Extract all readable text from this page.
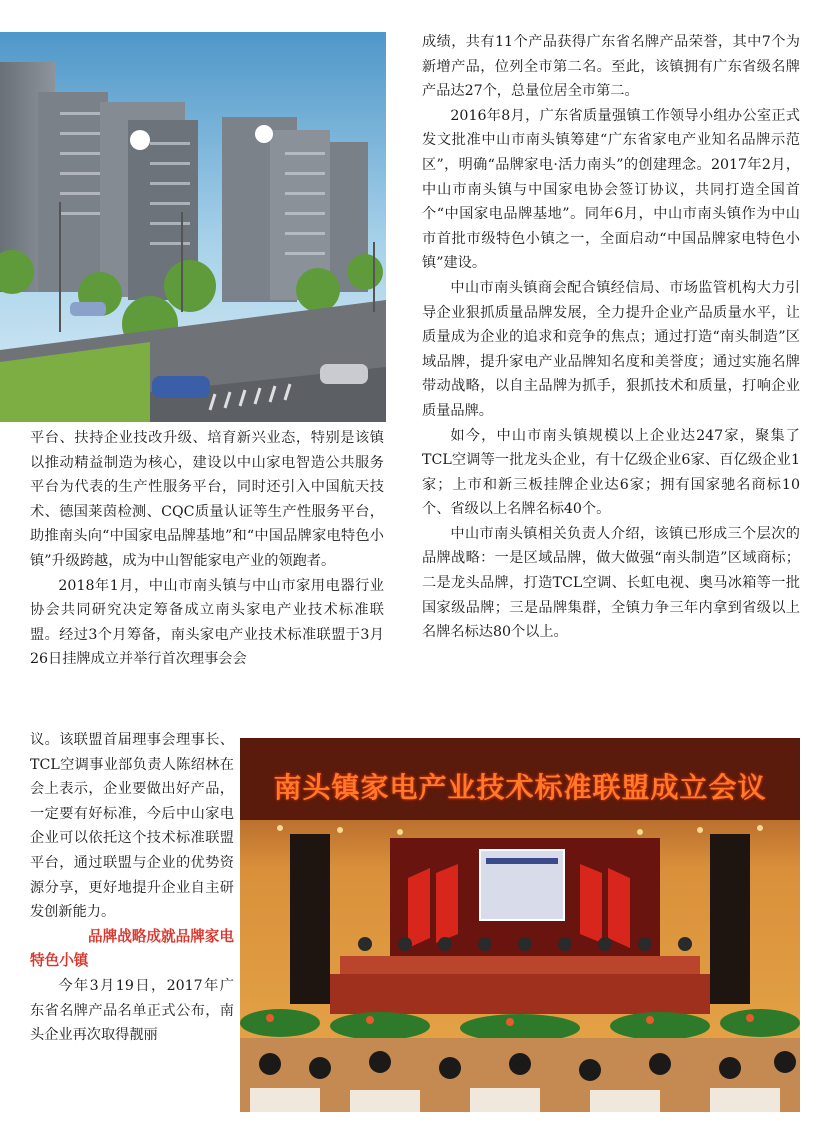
平台、扶持企业技改升级、培育新兴业态，特别是该镇以推动精益制造为核心，建设以中山家电智造公共服务平台为代表的生产性服务平台，同时还引入中国航天技术、德国莱茵检测、CQC质量认证等生产性服务平台，助推南头向“中国家电品牌基地”和“中国品牌家电特色小镇”升级跨越，成为中山智能家电产业的领跑者。

2018年1月，中山市南头镇与中山市家用电器行业协会共同研究决定筹备成立南头家电产业技术标准联盟。经过3个月筹备，南头家电产业技术标准联盟于3月26日挂牌成立并举行首次理事会会

议。该联盟首届理事会理事长、TCL空调事业部负责人陈绍林在会上表示，企业要做出好产品，一定要有好标准，今后中山家电企业可以依托这个技术标准联盟平台，通过联盟与企业的优势资源分享，更好地提升企业自主研发创新能力。

品牌战略成就品牌家电
特色小镇

今年3月19日，2017年广东省名牌产品名单正式公布，南头企业再次取得靓丽

成绩，共有11个产品获得广东省名牌产品荣誉，其中7个为新增产品，位列全市第二名。至此，该镇拥有广东省级名牌产品达27个，总量位居全市第二。

2016年8月，广东省质量强镇工作领导小组办公室正式发文批准中山市南头镇筹建“广东省家电产业知名品牌示范区”，明确“品牌家电·活力南头”的创建理念。2017年2月，中山市南头镇与中国家电协会签订协议，共同打造全国首个“中国家电品牌基地”。同年6月，中山市南头镇作为中山市首批市级特色小镇之一，全面启动“中国品牌家电特色小镇”建设。

中山市南头镇商会配合镇经信局、市场监管机构大力引导企业狠抓质量品牌发展，全力提升企业产品质量水平，让质量成为企业的追求和竞争的焦点；通过打造“南头制造”区域品牌，提升家电产业品牌知名度和美誉度；通过实施名牌带动战略，以自主品牌为抓手，狠抓技术和质量，打响企业质量品牌。

如今，中山市南头镇规模以上企业达247家，聚集了TCL空调等一批龙头企业，有十亿级企业6家、百亿级企业1家；上市和新三板挂牌企业达6家；拥有国家驰名商标10个、省级以上名牌名标40个。

中山市南头镇相关负责人介绍，该镇已形成三个层次的品牌战略：一是区域品牌，做大做强“南头制造”区域商标；二是龙头品牌，打造TCL空调、长虹电视、奥马冰箱等一批国家级品牌；三是品牌集群，全镇力争三年内拿到省级以上名牌名标达80个以上。

南头镇家电产业技术标准联盟成立会议
